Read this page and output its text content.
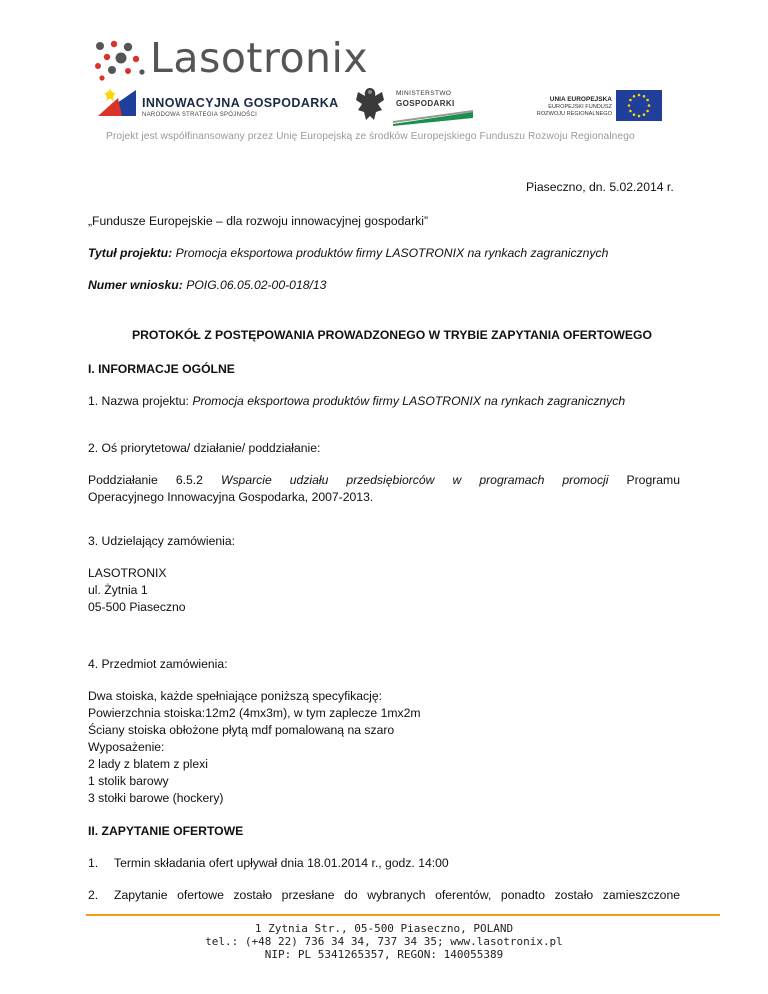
Lasotronix
INNOWACYJNA GOSPODARKA
NARODOWA STRATEGIA SPÓJNOŚCI
MINISTERSTWO
GOSPODARKI	UNIA EUROPEJSKA
EUROPEJSKI FUNDUSZ
ROZWOJU REGIONALNEGO
Projekt jest współfinansowany przez Unię Europejską ze środków Europejskiego Funduszu Rozwoju Regionalnego
Piaseczno, dn. 5.02.2014 r.
„Fundusze Europejskie – dla rozwoju innowacyjnej gospodarki”
Tytuł projektu: Promocja eksportowa produktów firmy LASOTRONIX na rynkach zagranicznych
Numer wniosku: POIG.06.05.02-00-018/13
PROTOKÓŁ Z POSTĘPOWANIA PROWADZONEGO W TRYBIE ZAPYTANIA OFERTOWEGO
I. INFORMACJE OGÓLNE
1. Nazwa projektu: Promocja eksportowa produktów firmy LASOTRONIX na rynkach zagranicznych
2. Oś priorytetowa/ działanie/ poddziałanie:
Poddziałanie 6.5.2 Wsparcie udziału przedsiębiorców w programach promocji Programu
Operacyjnego Innowacyjna Gospodarka, 2007-2013.
3. Udzielający zamówienia:
LASOTRONIX
ul. Żytnia 1
05-500 Piaseczno
4. Przedmiot zamówienia:
Dwa stoiska, każde spełniające poniższą specyfikację:
Powierzchnia stoiska:12m2 (4mx3m), w tym zaplecze 1mx2m
Ściany stoiska obłożone płytą mdf pomalowaną na szaro
Wyposażenie:
2 lady z blatem z plexi
1 stolik barowy
3 stołki barowe (hockery)
II. ZAPYTANIE OFERTOWE
1. Termin składania ofert upływał dnia 18.01.2014 r., godz. 14:00
2. Zapytanie ofertowe zostało przesłane do wybranych oferentów, ponadto zostało zamieszczone
1 Zytnia Str., 05-500 Piaseczno, POLAND
tel.: (+48 22) 736 34 34, 737 34 35; www.lasotronix.pl
NIP: PL 5341265357, REGON: 140055389
